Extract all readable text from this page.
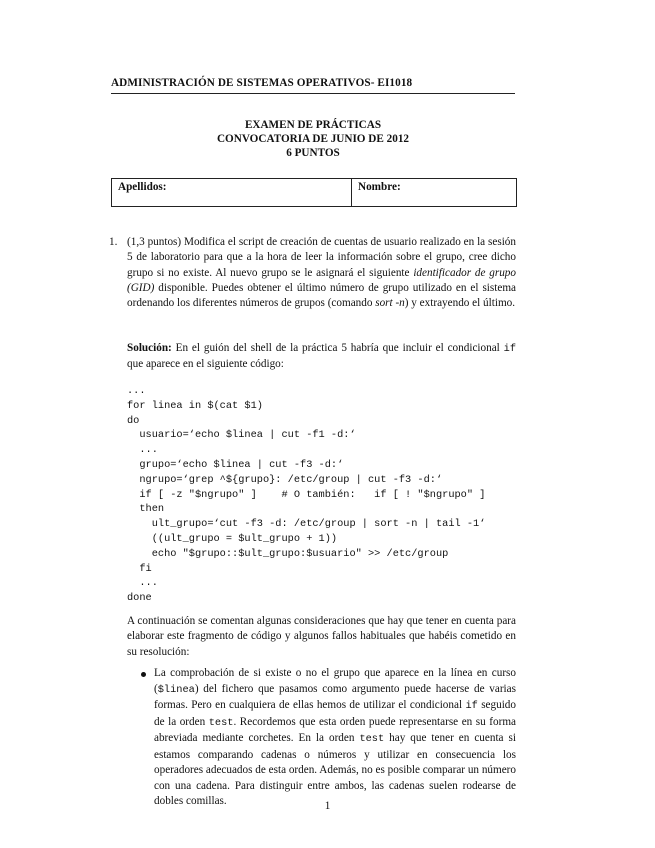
ADMINISTRACIÓN DE SISTEMAS OPERATIVOS- EI1018
EXAMEN DE PRÁCTICAS
CONVOCATORIA DE JUNIO DE 2012
6 PUNTOS
Apellidos:	Nombre:
1. (1,3 puntos) Modifica el script de creación de cuentas de usuario realizado en la sesión 5 de laboratorio para que a la hora de leer la información sobre el grupo, cree dicho grupo si no existe. Al nuevo grupo se le asignará el siguiente identificador de grupo (GID) disponible. Puedes obtener el último número de grupo utilizado en el sistema ordenando los diferentes números de grupos (comando sort -n) y extrayendo el último.

Solución: En el guión del shell de la práctica 5 habría que incluir el condicional if que aparece en el siguiente código:

...
for linea in $(cat $1)
do
usuario=‘echo $linea | cut -f1 -d:‘
...
grupo=‘echo $linea | cut -f3 -d:‘
ngrupo=‘grep ^${grupo}: /etc/group | cut -f3 -d:‘
if [ -z "$ngrupo" ]    # O también:   if [ ! "$ngrupo" ]
then
ult_grupo=‘cut -f3 -d: /etc/group | sort -n | tail -1‘
((ult_grupo = $ult_grupo + 1))
echo "$grupo::$ult_grupo:$usuario" >> /etc/group
fi
...
done
A continuación se comentan algunas consideraciones que hay que tener en cuenta para elaborar este fragmento de código y algunos fallos habituales que habéis cometido en su resolución:
La comprobación de si existe o no el grupo que aparece en la línea en curso ($linea) del fichero que pasamos como argumento puede hacerse de varias formas. Pero en cualquiera de ellas hemos de utilizar el condicional if seguido de la orden test. Recordemos que esta orden puede representarse en su forma abreviada mediante corchetes. En la orden test hay que tener en cuenta si estamos comparando cadenas o números y utilizar en consecuencia los operadores adecuados de esta orden. Además, no es posible comparar un número con una cadena. Para distinguir entre ambos, las cadenas suelen rodearse de dobles comillas.	1
